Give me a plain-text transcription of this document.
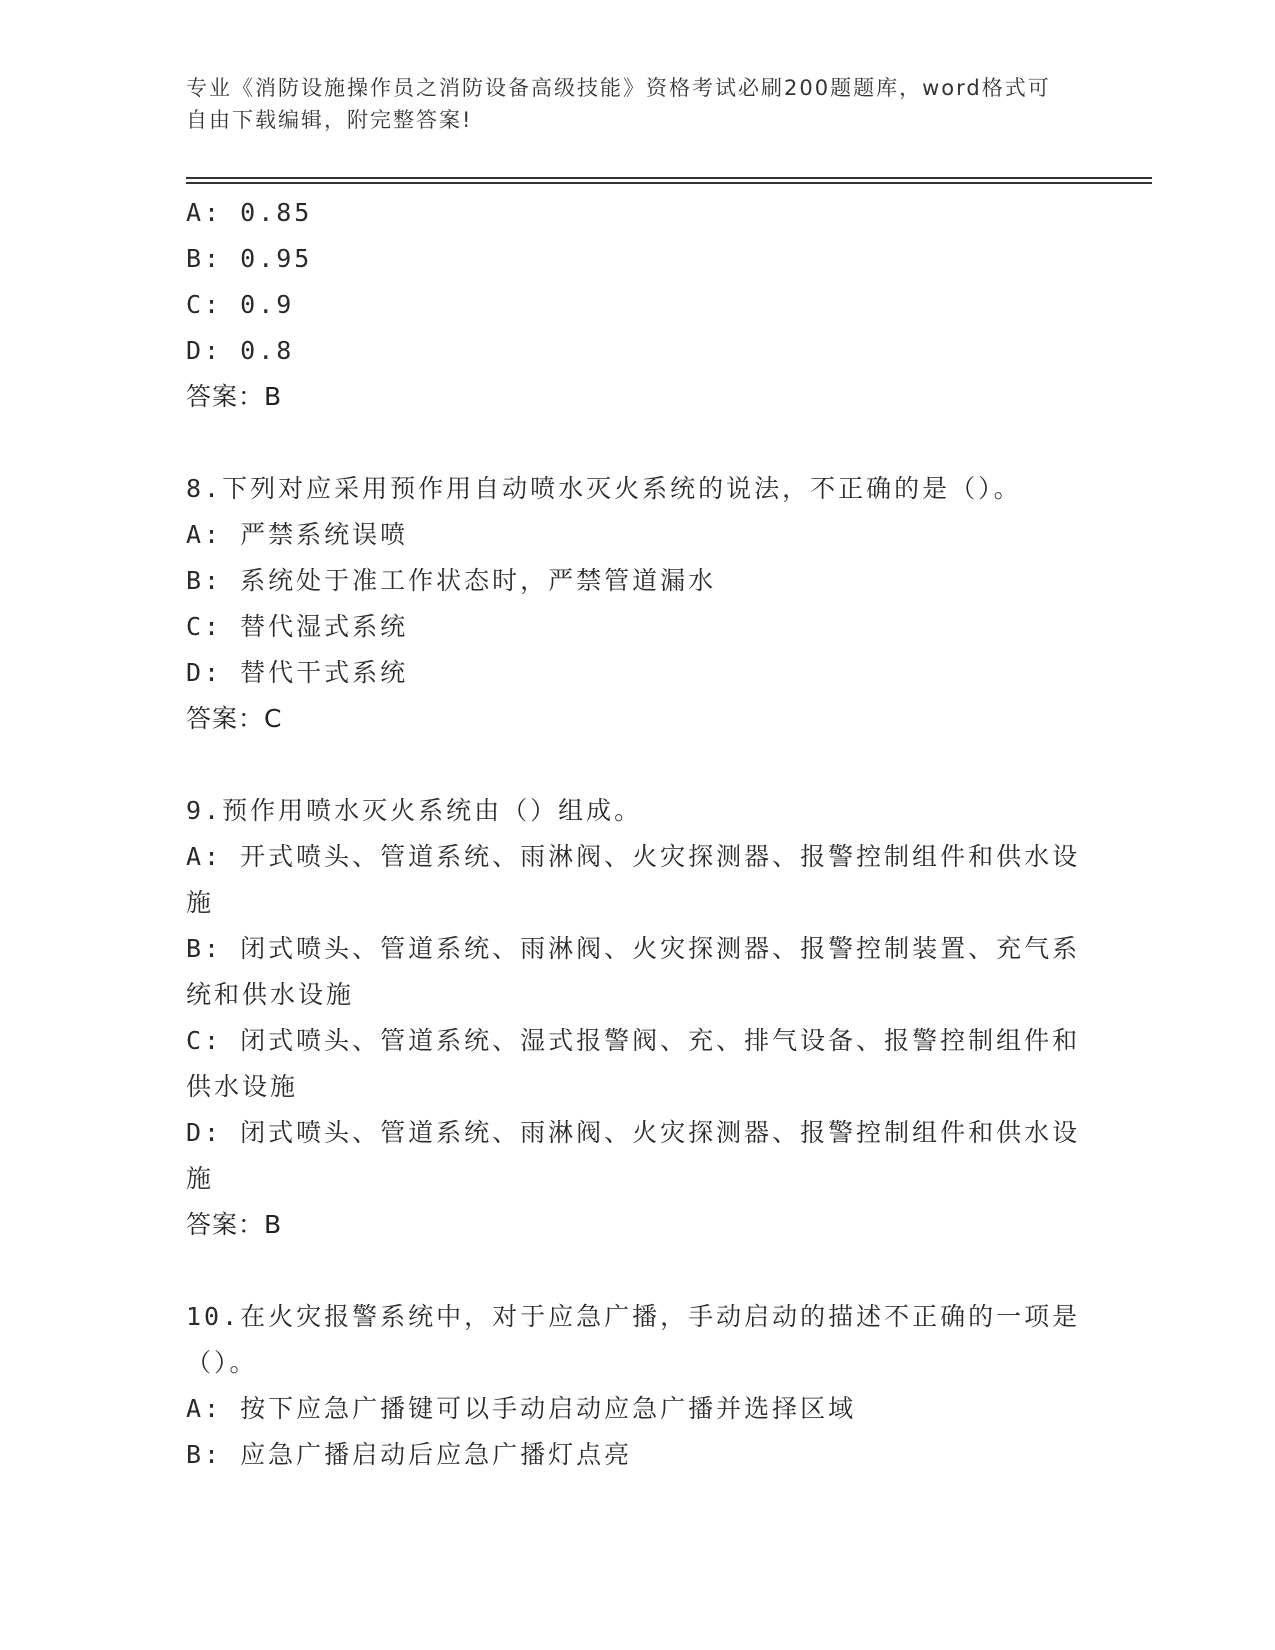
专业《消防设施操作员之消防设备高级技能》资格考试必刷200题题库，word格式可自由下载编辑，附完整答案!
A: 0.85
B: 0.95
C: 0.9
D: 0.8
答案：B
8.下列对应采用预作用自动喷水灭火系统的说法，不正确的是（）。
A: 严禁系统误喷
B: 系统处于准工作状态时，严禁管道漏水
C: 替代湿式系统
D: 替代干式系统
答案：C
9.预作用喷水灭火系统由（）组成。
A: 开式喷头、管道系统、雨淋阀、火灾探测器、报警控制组件和供水设施
B: 闭式喷头、管道系统、雨淋阀、火灾探测器、报警控制装置、充气系统和供水设施
C: 闭式喷头、管道系统、湿式报警阀、充、排气设备、报警控制组件和供水设施
D: 闭式喷头、管道系统、雨淋阀、火灾探测器、报警控制组件和供水设施
答案：B
10.在火灾报警系统中，对于应急广播，手动启动的描述不正确的一项是（）。
A: 按下应急广播键可以手动启动应急广播并选择区域
B: 应急广播启动后应急广播灯点亮
